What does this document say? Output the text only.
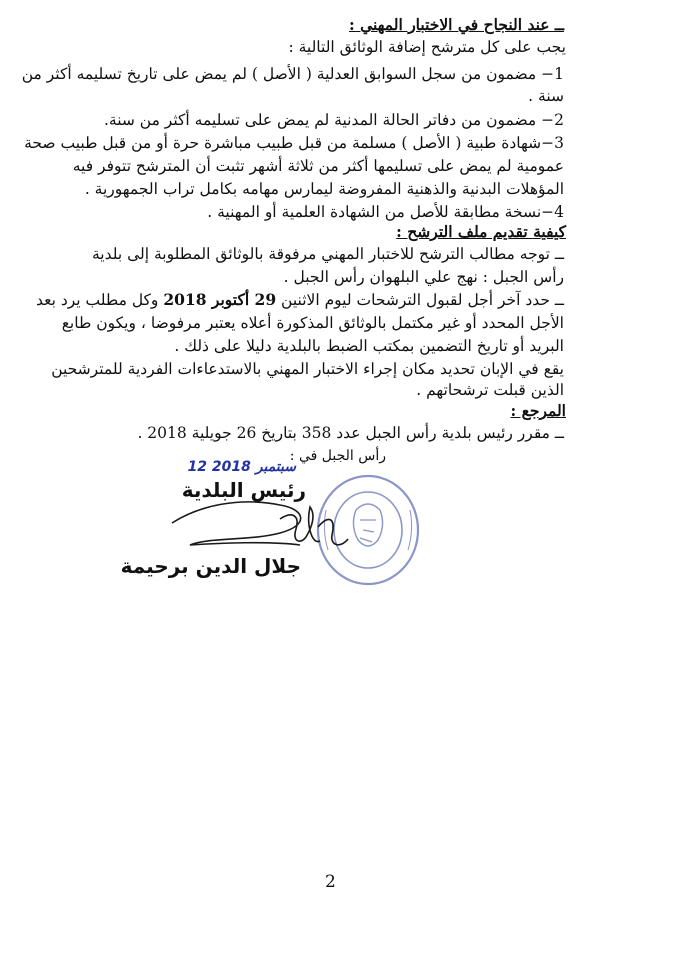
ــ عند النجاح في الاختبار المهني :
يجب على كل مترشح إضافة الوثائق التالية :
1− مضمون من سجل السوابق العدلية ( الأصل ) لم يمض على تاريخ تسليمه أكثر من
سنة .
2− مضمون من دفاتر الحالة المدنية لم يمض على تسليمه أكثر من سنة.
3−شهادة طبية ( الأصل ) مسلمة من قبل طبيب مباشرة حرة أو من قبل طبيب صحة
عمومية لم يمض على تسليمها أكثر من ثلاثة أشهر تثبت أن المترشح تتوفر فيه
المؤهلات البدنية والذهنية المفروضة ليمارس مهامه بكامل تراب الجمهورية .
4−نسخة مطابقة للأصل من الشهادة العلمية أو المهنية .
كيفية تقديم ملف الترشح :
ــ توجه مطالب الترشح للاختبار المهني مرفوقة بالوثائق المطلوبة إلى بلدية
رأس الجبل : نهج علي البلهوان رأس الجبل .
ــ حدد آخر أجل لقبول الترشحات ليوم الاثنين 29 أكتوبر 2018 وكل مطلب يرد بعد
الأجل المحدد أو غير مكتمل بالوثائق المذكورة أعلاه يعتبر مرفوضا ، ويكون طابع
البريد أو تاريخ التضمين بمكتب الضبط بالبلدية دليلا على ذلك .
يقع في الإبان تحديد مكان إجراء الاختبار المهني بالاستدعاءات الفردية للمترشحين
الذين قبلت ترشحاتهم .
المرجع :
ــ مقرر رئيس بلدية رأس الجبل عدد 358 بتاريخ 26 جويلية 2018 .
رأس الجبل في :
12 سبتمبر 2018
رئيس البلدية
جلال الدين برحيمة
2
